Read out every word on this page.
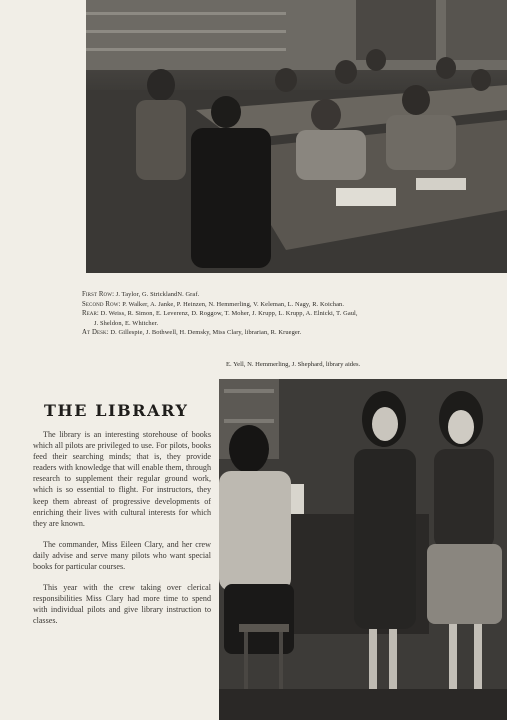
First Row: J. Taylor, G. StricklandN. Graf.
Second Row: P. Walker, A. Janke, P. Heinzen, N. Hemmerling, V. Keleman, L. Nagy, R. Koichan.
Rear: D. Weiss, R. Simon, E. Leverenz, D. Roggow, T. Moher, J. Krupp, L. Krupp, A. Elnicki, T. Gaul,
J. Sheldon, E. Whitcher.
At Desk: D. Gillespie, J. Bothwell, H. Demsky, Miss Clary, librarian, R. Krueger.
E. Yell, N. Hemmerling, J. Shephard, library aides.
THE LIBRARY

The library is an interesting storehouse of books which all pilots are privileged to use. For pilots, books feed their searching minds; that is, they provide readers with knowledge that will enable them, through research to supplement their regular ground work, which is so essential to flight. For instructors, they keep them abreast of progressive developments of enriching their lives with cultural interests for which they are known.

The commander, Miss Eileen Clary, and her crew daily advise and serve many pilots who want special books for particular courses.

This year with the crew taking over clerical responsibilities Miss Clary had more time to spend with individual pilots and give library instruction to classes.
